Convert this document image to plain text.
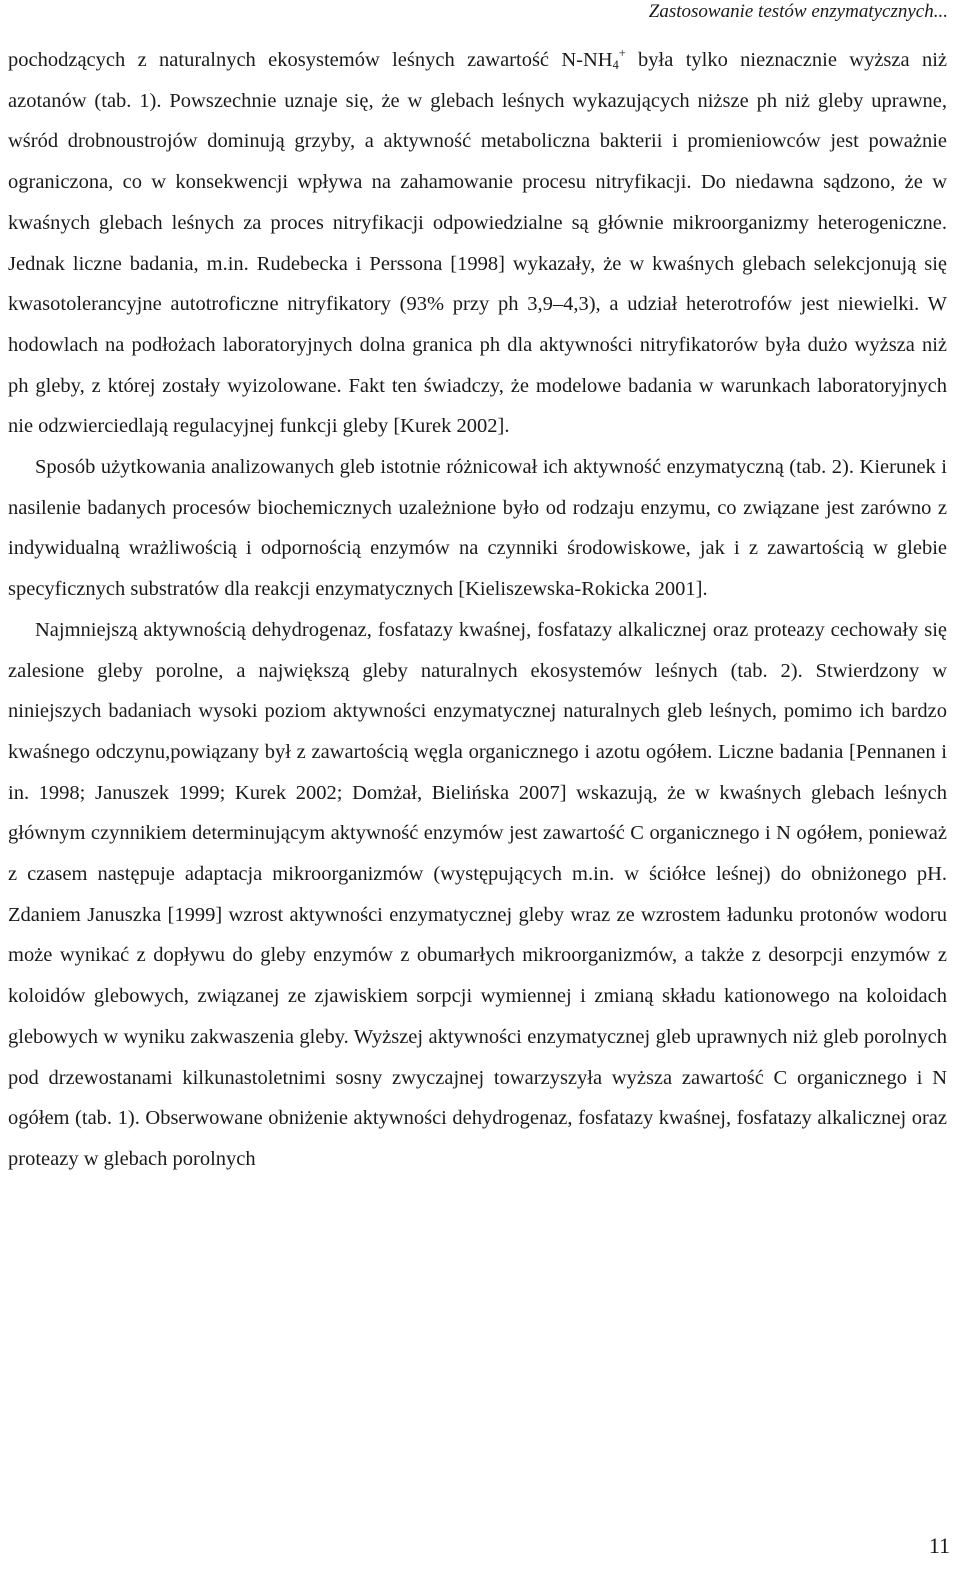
Zastosowanie testów enzymatycznych...

pochodzących z naturalnych ekosystemów leśnych zawartość $N-NH_4^+$ była tylko nieznacznie wyższa niż azotanów (tab. 1). Powszechnie uznaje się, że w glebach leśnych wykazujących niższe ph niż gleby uprawne, wśród drobnoustrojów dominują grzyby, a aktywność metaboliczna bakterii i promieniowców jest poważnie ograniczona, co w konsekwencji wpływa na zahamowanie procesu nitryfikacji. Do niedawna sądzono, że w kwaśnych glebach leśnych za proces nitryfikacji odpowiedzialne są głównie mikroorganizmy heterogeniczne. Jednak liczne badania, m.in. Rudebecka i Perssona [1998] wykazały, że w kwaśnych glebach selekcjonują się kwasotolerancyjne autotroficzne nitryfikatory (93% przy ph 3,9–4,3), a udział heterotrofów jest niewielki. W hodowlach na podłożach laboratoryjnych dolna granica ph dla aktywności nitryfikatorów była dużo wyższa niż ph gleby, z której zostały wyizolowane. Fakt ten świadczy, że modelowe badania w warunkach laboratoryjnych nie odzwierciedlają regulacyjnej funkcji gleby [Kurek 2002].

Sposób użytkowania analizowanych gleb istotnie różnicował ich aktywność enzymatyczną (tab. 2). Kierunek i nasilenie badanych procesów biochemicznych uzależnione było od rodzaju enzymu, co związane jest zarówno z indywidualną wrażliwością i odpornością enzymów na czynniki środowiskowe, jak i z zawartością w glebie specyficznych substratów dla reakcji enzymatycznych [Kieliszewska-Rokicka 2001].

Najmniejszą aktywnością dehydrogenaz, fosfatazy kwaśnej, fosfatazy alkalicznej oraz proteazy cechowały się zalesione gleby porolne, a największą gleby naturalnych ekosystemów leśnych (tab. 2). Stwierdzony w niniejszych badaniach wysoki poziom aktywności enzymatycznej naturalnych gleb leśnych, pomimo ich bardzo kwaśnego odczynu,powiązany był z zawartością węgla organicznego i azotu ogółem. Liczne badania [Pennanen i in. 1998; Januszek 1999; Kurek 2002; Domżał, Bielińska 2007] wskazują, że w kwaśnych glebach leśnych głównym czynnikiem determinującym aktywność enzymów jest zawartość C organicznego i N ogółem, ponieważ z czasem następuje adaptacja mikroorganizmów (występujących m.in. w ściółce leśnej) do obniżonego pH. Zdaniem Januszka [1999] wzrost aktywności enzymatycznej gleby wraz ze wzrostem ładunku protonów wodoru może wynikać z dopływu do gleby enzymów z obumarłych mikroorganizmów, a także z desorpcji enzymów z koloidów glebowych, związanej ze zjawiskiem sorpcji wymiennej i zmianą składu kationowego na koloidach glebowych w wyniku zakwaszenia gleby. Wyższej aktywności enzymatycznej gleb uprawnych niż gleb porolnych pod drzewostanami kilkunastoletnimi sosny zwyczajnej towarzyszyła wyższa zawartość C organicznego i N ogółem (tab. 1). Obserwowane obniżenie aktywności dehydrogenaz, fosfatazy kwaśnej, fosfatazy alkalicznej oraz proteazy w glebach porolnych

11
